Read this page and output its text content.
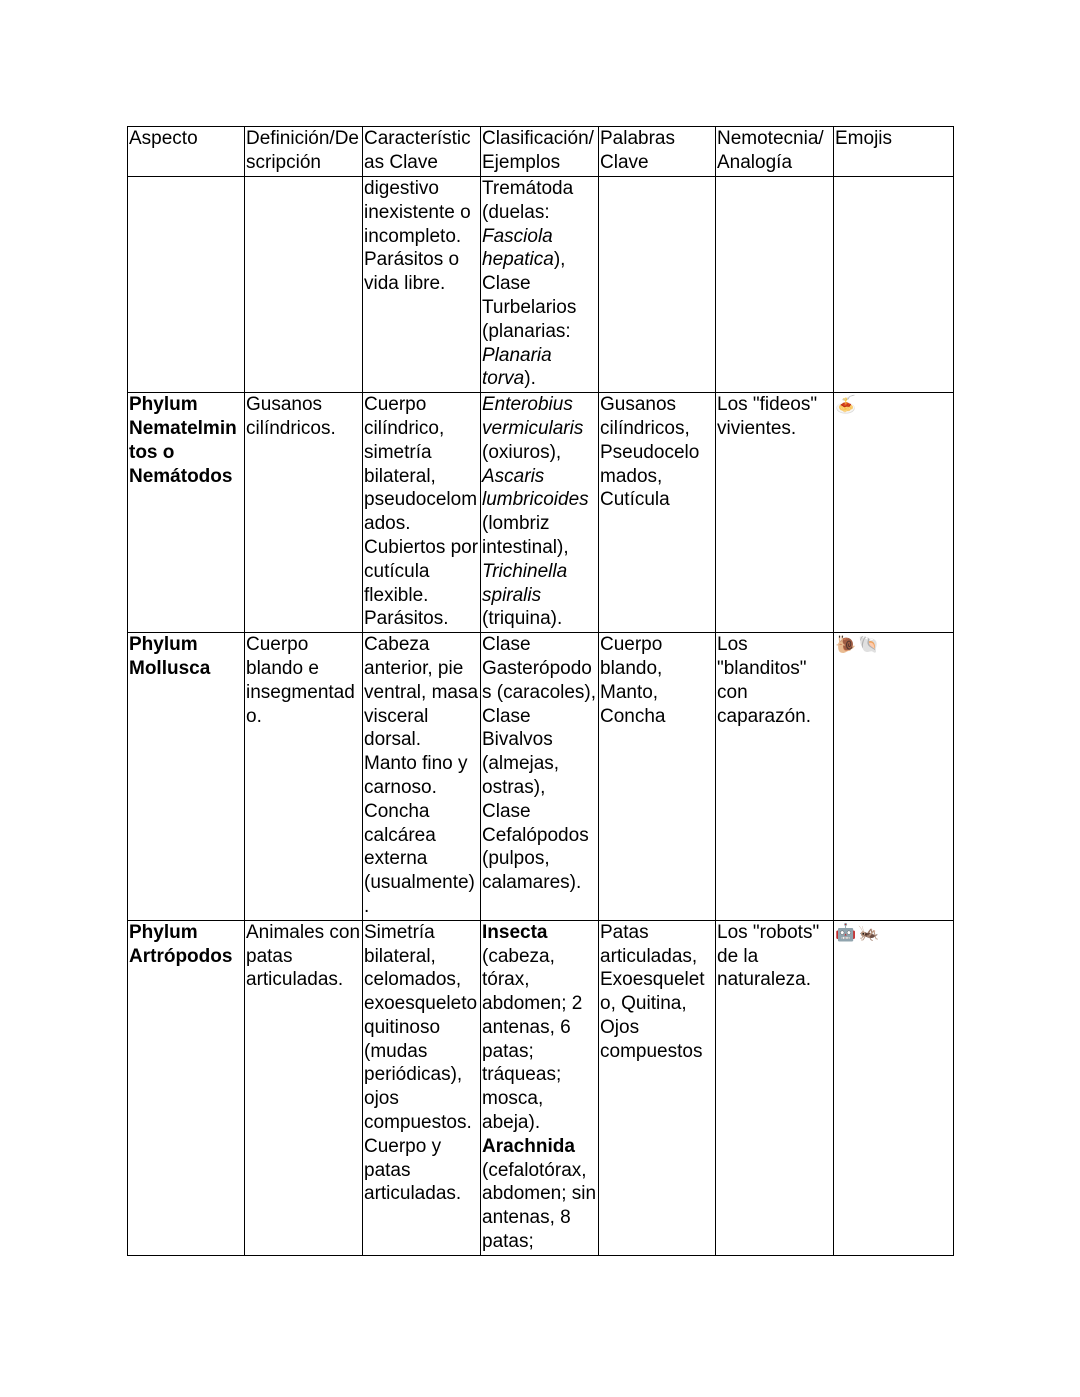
Aspecto	Definición/Descripción	Características Clave	Clasificación/Ejemplos	Palabras Clave	Nemotecnia/Analogía	Emojis
		digestivo inexistente o incompleto. Parásitos o vida libre.	Tremátoda (duelas: Fasciola hepatica), Clase Turbelarios (planarias: Planaria torva).			
Phylum Nematelmintos o Nemátodos	Gusanos cilíndricos.	Cuerpo cilíndrico, simetría bilateral, pseudocelomados. Cubiertos por cutícula flexible. Parásitos.	Enterobius vermicularis (oxiuros), Ascaris lumbricoides (lombriz intestinal), Trichinella spiralis (triquina).	Gusanos cilíndricos, Pseudocelomados, Cutícula	Los "fideos" vivientes.	🍝
Phylum Mollusca	Cuerpo blando e insegmentado.	Cabeza anterior, pie ventral, masa visceral dorsal. Manto fino y carnoso. Concha calcárea externa (usualmente).	Clase Gasterópodos (caracoles), Clase Bivalvos (almejas, ostras), Clase Cefalópodos (pulpos, calamares).	Cuerpo blando, Manto, Concha	Los "blanditos" con caparazón.	🐌🐚
Phylum Artrópodos	Animales con patas articuladas.	Simetría bilateral, celomados, exoesqueleto quitinoso (mudas periódicas), ojos compuestos. Cuerpo y patas articuladas.	Insecta (cabeza, tórax, abdomen; 2 antenas, 6 patas; tráqueas; mosca, abeja). Arachnida (cefalotórax, abdomen; sin antenas, 8 patas;	Patas articuladas, Exoesqueleto, Quitina, Ojos compuestos	Los "robots" de la naturaleza.	🤖🦗
